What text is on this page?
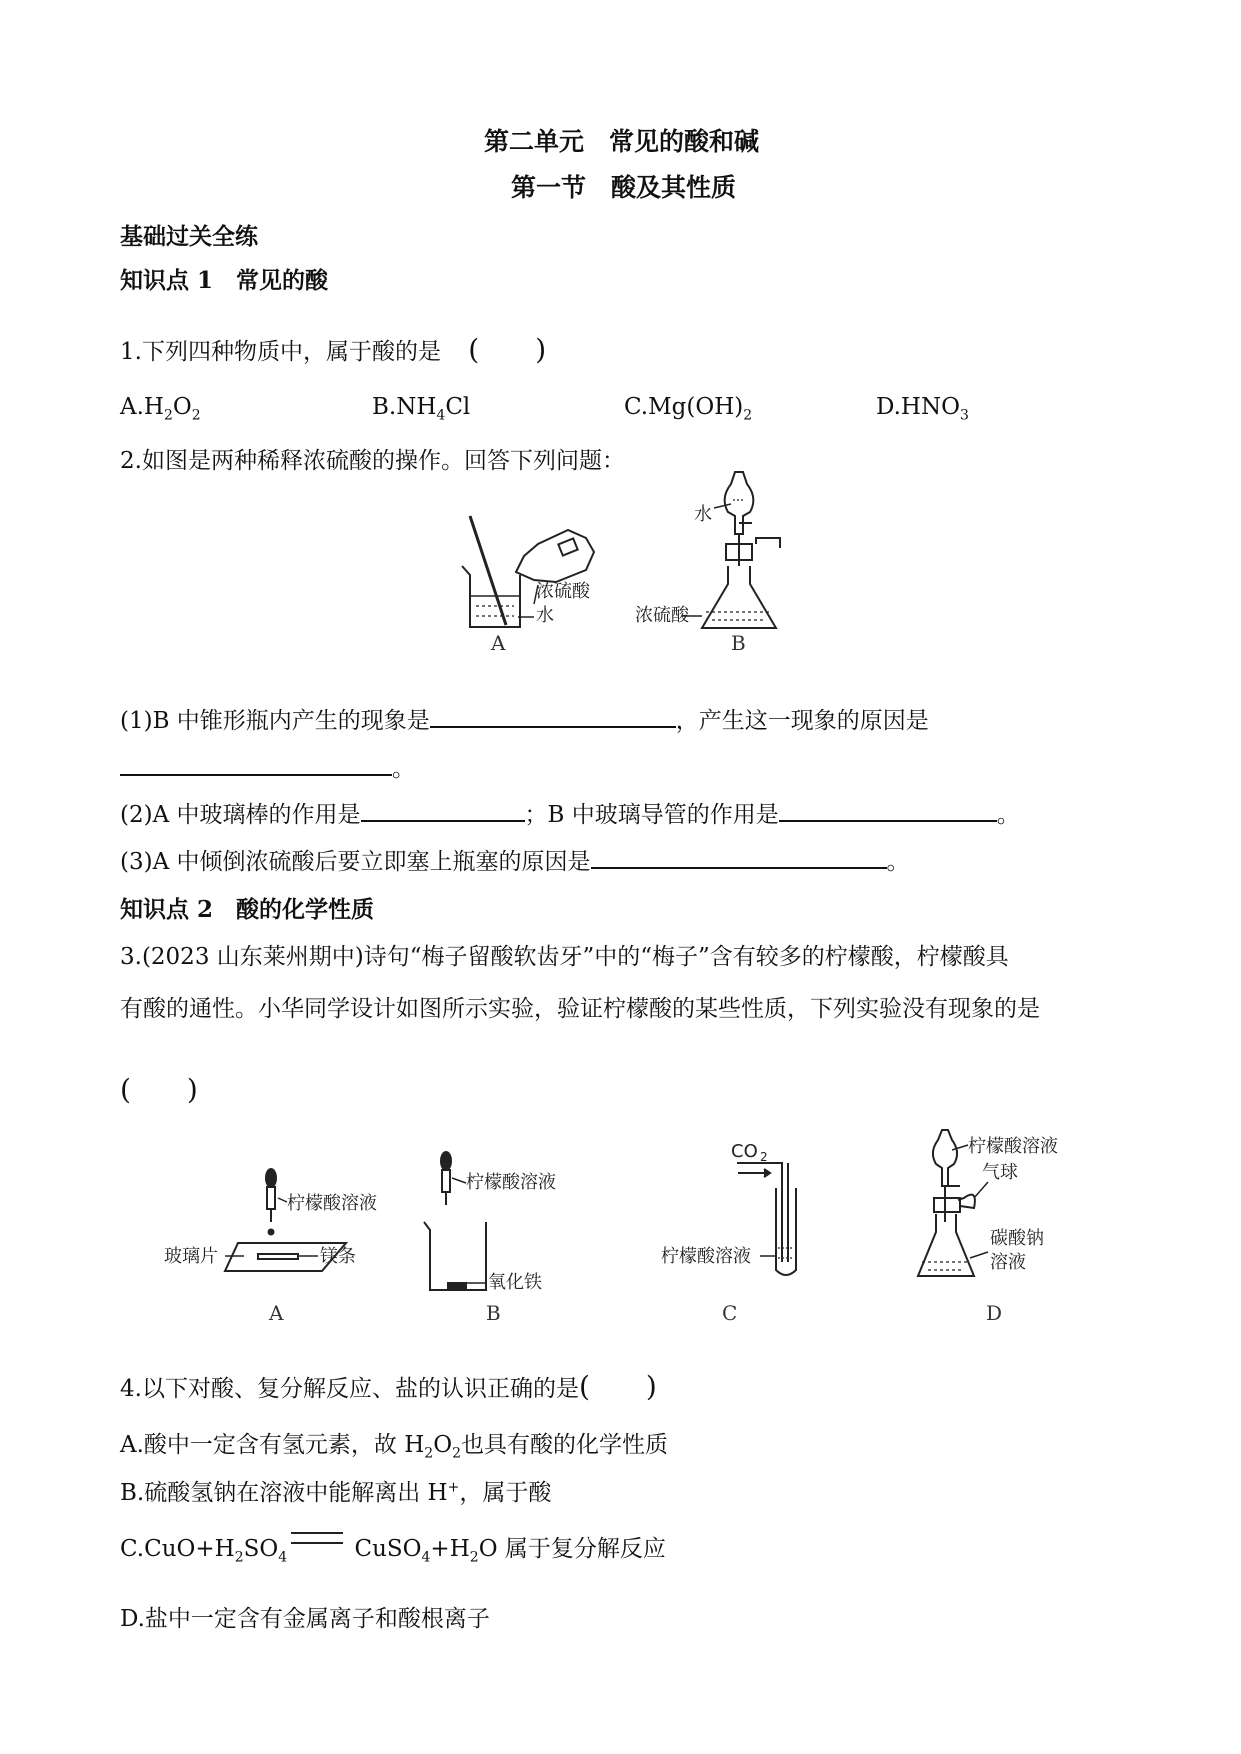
第二单元　常见的酸和碱
第一节　酸及其性质
基础过关全练
知识点 1　常见的酸
1.下列四种物质中，属于酸的是 (　　)
$A.H_2O_2$	$B.NH_4Cl$	$C.Mg(OH)_2$	$D.HNO_3$
2.如图是两种稀释浓硫酸的操作。回答下列问题：
浓硫酸
水
A
水
浓硫酸
B
(1)B 中锥形瓶内产生的现象是	，产生这一现象的原因是
。
(2)A 中玻璃棒的作用是	；B 中玻璃导管的作用是	。
(3)A 中倾倒浓硫酸后要立即塞上瓶塞的原因是	。
知识点 2　酸的化学性质
3.(2023 山东莱州期中)诗句“梅子留酸软齿牙”中的“梅子”含有较多的柠檬酸，柠檬酸具
有酸的通性。小华同学设计如图所示实验，验证柠檬酸的某些性质，下列实验没有现象的是
(　　)
柠檬酸溶液
镁条
玻璃片
A
柠檬酸溶液
氧化铁
B
CO 2
柠檬酸溶液
C
柠檬酸溶液
气球
碳酸钠
溶液
D
4.以下对酸、复分解反应、盐的认识正确的是(　　)
A.酸中一定含有氢元素，故 $H_2O_2$也具有酸的化学性质
B.硫酸氢钠在溶液中能解离出 H+，属于酸
$C.CuO+H_2SO_4$	$CuSO_4+H_2O$ 属于复分解反应
D.盐中一定含有金属离子和酸根离子
